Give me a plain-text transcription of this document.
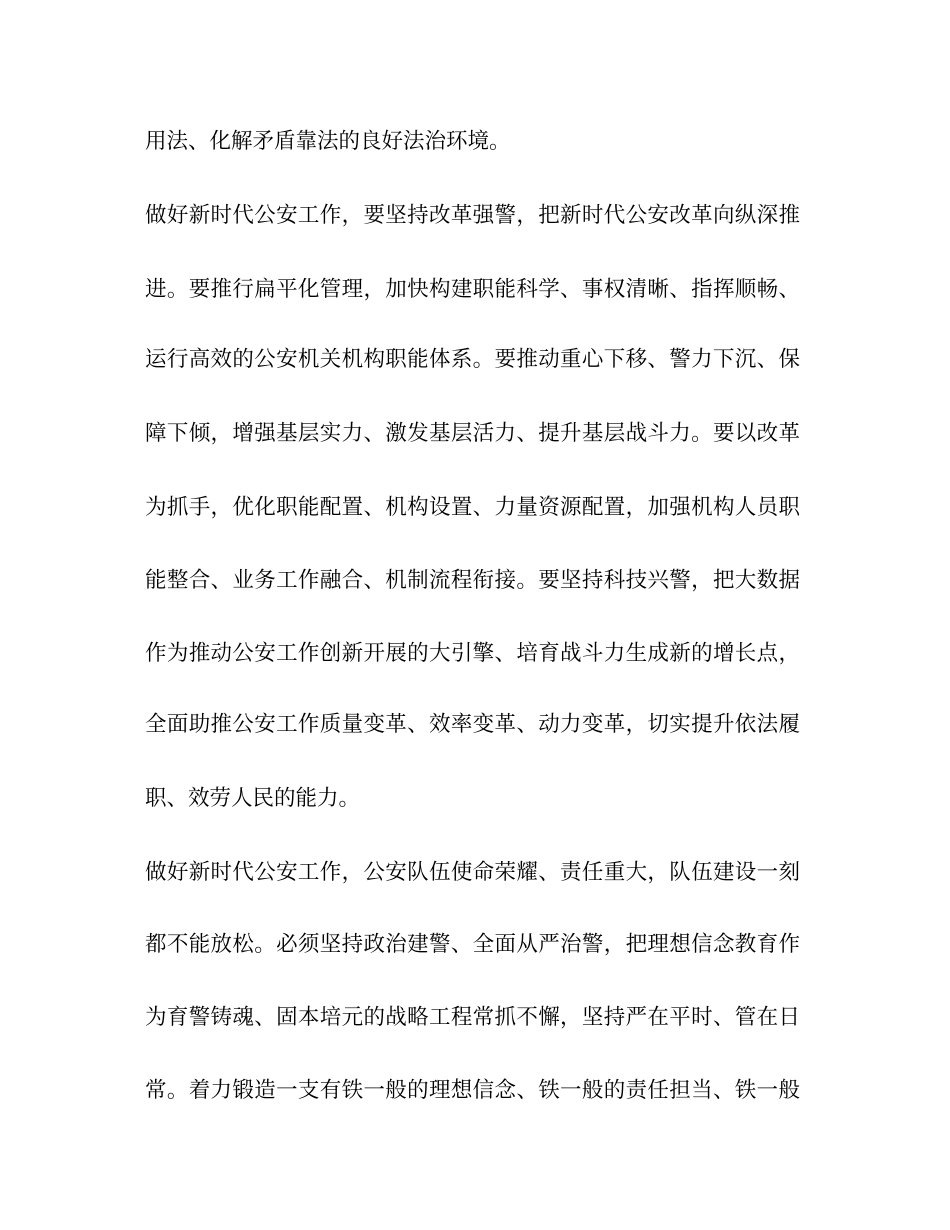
用法、化解矛盾靠法的良好法治环境。
做好新时代公安工作，要坚持改革强警，把新时代公安改革向纵深推
进。要推行扁平化管理，加快构建职能科学、事权清晰、指挥顺畅、
运行高效的公安机关机构职能体系。要推动重心下移、警力下沉、保
障下倾，增强基层实力、激发基层活力、提升基层战斗力。要以改革
为抓手，优化职能配置、机构设置、力量资源配置，加强机构人员职
能整合、业务工作融合、机制流程衔接。要坚持科技兴警，把大数据
作为推动公安工作创新开展的大引擎、培育战斗力生成新的增长点，
全面助推公安工作质量变革、效率变革、动力变革，切实提升依法履
职、效劳人民的能力。
做好新时代公安工作，公安队伍使命荣耀、责任重大，队伍建设一刻
都不能放松。必须坚持政治建警、全面从严治警，把理想信念教育作
为育警铸魂、固本培元的战略工程常抓不懈，坚持严在平时、管在日
常。着力锻造一支有铁一般的理想信念、铁一般的责任担当、铁一般
